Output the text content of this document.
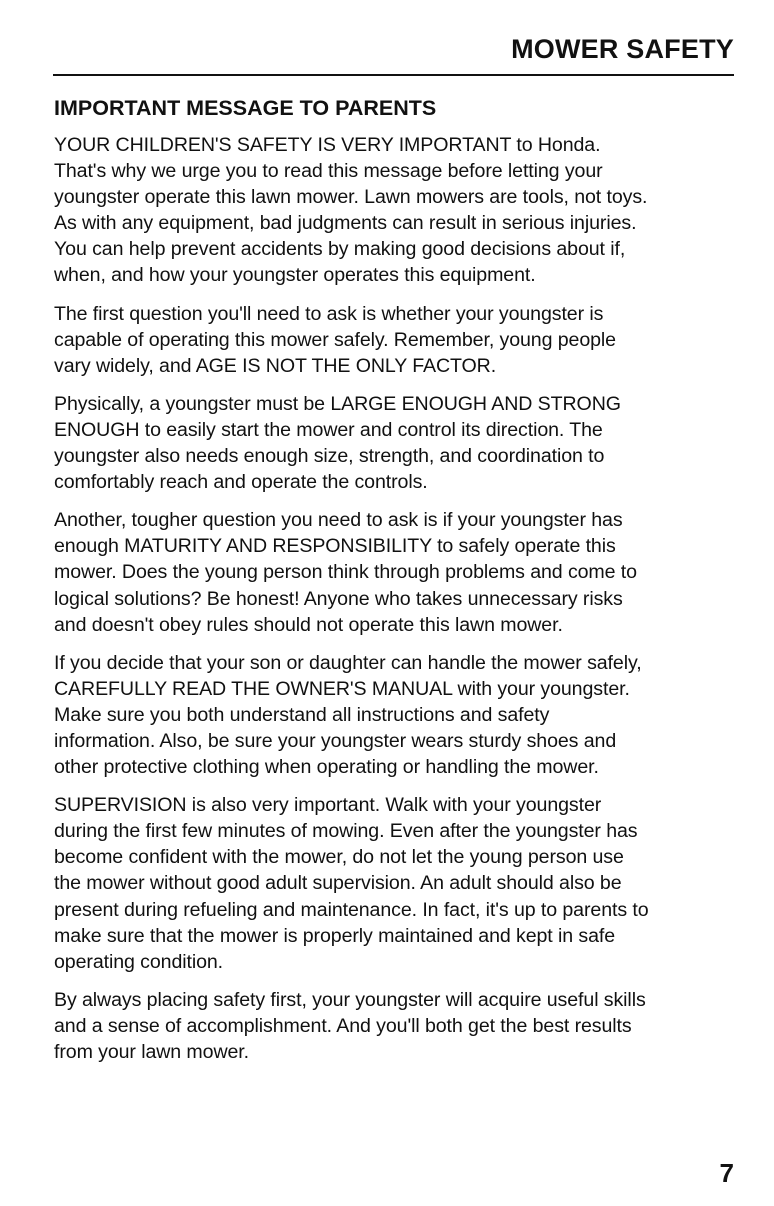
MOWER SAFETY
IMPORTANT MESSAGE TO PARENTS

YOUR CHILDREN'S SAFETY IS VERY IMPORTANT to Honda.
That's why we urge you to read this message before letting your
youngster operate this lawn mower. Lawn mowers are tools, not toys.
As with any equipment, bad judgments can result in serious injuries.
You can help prevent accidents by making good decisions about if,
when, and how your youngster operates this equipment.

The first question you'll need to ask is whether your youngster is
capable of operating this mower safely. Remember, young people
vary widely, and AGE IS NOT THE ONLY FACTOR.

Physically, a youngster must be LARGE ENOUGH AND STRONG
ENOUGH to easily start the mower and control its direction. The
youngster also needs enough size, strength, and coordination to
comfortably reach and operate the controls.

Another, tougher question you need to ask is if your youngster has
enough MATURITY AND RESPONSIBILITY to safely operate this
mower. Does the young person think through problems and come to
logical solutions? Be honest! Anyone who takes unnecessary risks
and doesn't obey rules should not operate this lawn mower.

If you decide that your son or daughter can handle the mower safely,
CAREFULLY READ THE OWNER'S MANUAL with your youngster.
Make sure you both understand all instructions and safety
information. Also, be sure your youngster wears sturdy shoes and
other protective clothing when operating or handling the mower.

SUPERVISION is also very important. Walk with your youngster
during the first few minutes of mowing. Even after the youngster has
become confident with the mower, do not let the young person use
the mower without good adult supervision. An adult should also be
present during refueling and maintenance. In fact, it's up to parents to
make sure that the mower is properly maintained and kept in safe
operating condition.

By always placing safety first, your youngster will acquire useful skills
and a sense of accomplishment. And you'll both get the best results
from your lawn mower.

7
